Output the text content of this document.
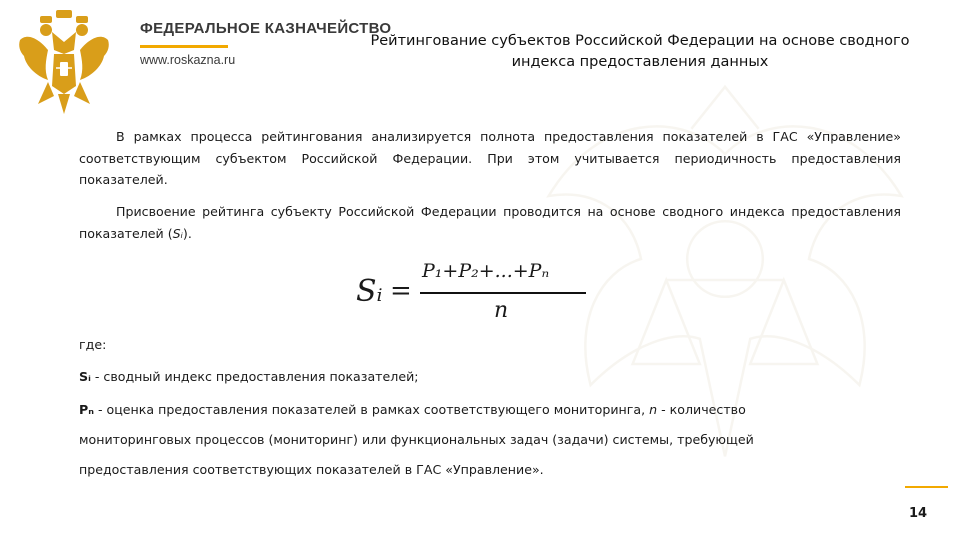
ФЕДЕРАЛЬНОЕ КАЗНАЧЕЙСТВО
www.roskazna.ru
Рейтингование субъектов Российской Федерации на основе сводного индекса предоставления данных
В рамках процесса рейтингования анализируется полнота предоставления показателей в ГАС «Управление» соответствующим субъектом Российской Федерации. При этом учитывается периодичность предоставления показателей.
Присвоение рейтинга субъекту Российской Федерации проводится на основе сводного индекса предоставления показателей (Sᵢ).
Sᵢ =
P₁+P₂+...+Pₙ
n
где:
Sᵢ - сводный индекс предоставления показателей;
Pₙ - оценка предоставления показателей в рамках соответствующего мониторинга, n - количество
мониторинговых процессов (мониторинг) или функциональных задач (задачи) системы, требующей
предоставления соответствующих показателей в ГАС «Управление».
14
